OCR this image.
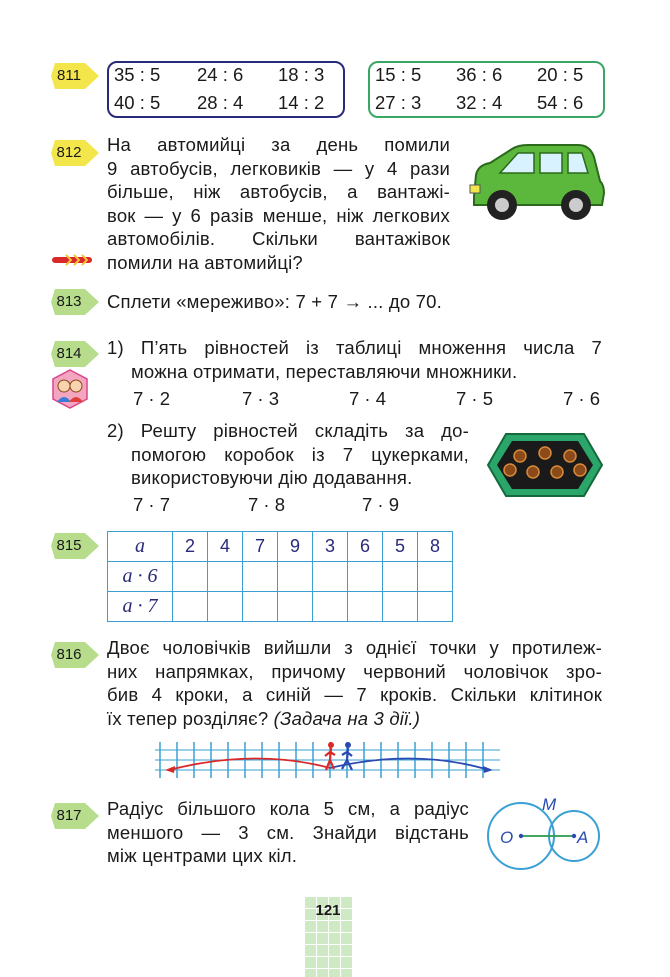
811	35 : 5 24 : 6 18 : 3
40 : 5 28 : 4 14 : 2
15 : 5 36 : 6 20 : 5
27 : 3 32 : 4 54 : 6
812 На автомийці за день помили
9 автобусів, легковиків — у 4 рази
більше, ніж автобусів, а вантажі-
вок — у 6 разів менше, ніж легкових
автомобілів. Скільки вантажівок
помили на автомийці?
813 Сплети «мереживо»: 7 + 7 → ... до 70.
814 1) П’ять рівностей із таблиці множення числа 7
можна отримати, переставляючи множники.
7 · 2	7 · 3	7 · 4	7 · 5	7 · 6
2) Решту рівностей складіть за до-
помогою коробок із 7 цукерками,
використовуючи дію додавання.
7 · 7	7 · 8	7 · 9
815	a	2	4	7	9	3	6	5	8
a · 6								
a · 7								
816 Двоє чоловічків вийшли з однієї точки у протилеж-
них напрямках, причому червоний чоловічок зро-
бив 4 кроки, а синій — 7 кроків. Скільки клітинок
їх тепер розділяє? (Задача на 3 дії.)
817 Радіус більшого кола 5 см, а радіус
меншого — 3 см. Знайди відстань
між центрами цих кіл.
O	A
M
121
